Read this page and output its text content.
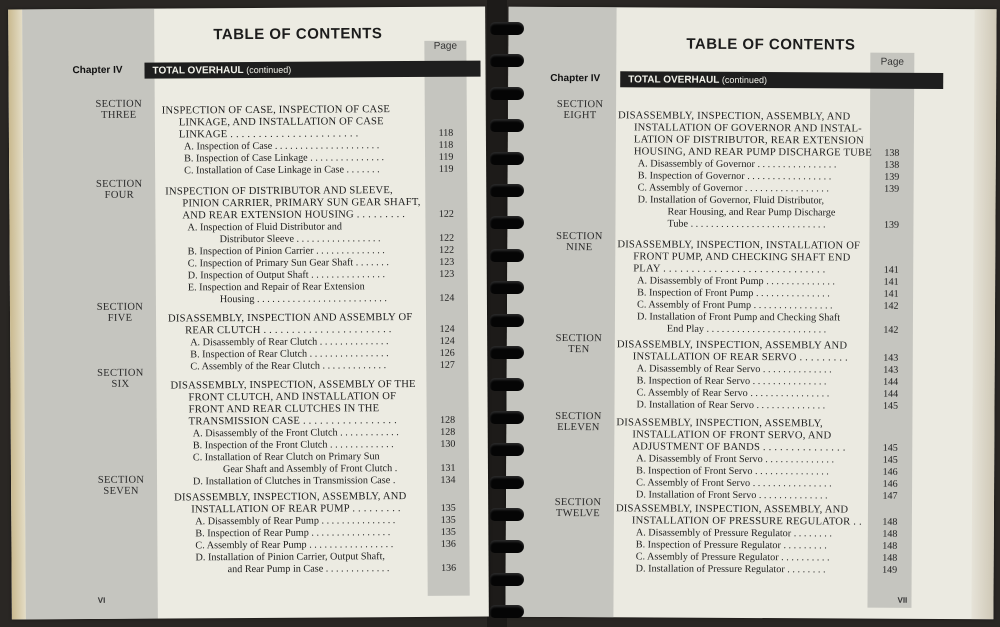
TABLE OF CONTENTS
Page
Chapter IV	TOTAL OVERHAUL (continued)
VI
SECTION
THREE	INSPECTION OF CASE, INSPECTION OF CASE
LINKAGE, AND INSTALLATION OF CASE
LINKAGE . . . . . . . . . . . . . . . . . . . . . . .	118
A. Inspection of Case . . . . . . . . . . . . . . . . . . . . .	118
B. Inspection of Case Linkage . . . . . . . . . . . . . . .	119
C. Installation of Case Linkage in Case . . . . . . .	119
SECTION
FOUR	INSPECTION OF DISTRIBUTOR AND SLEEVE,
PINION CARRIER, PRIMARY SUN GEAR SHAFT,
AND REAR EXTENSION HOUSING . . . . . . . . .	122
A. Inspection of Fluid Distributor and
Distributor Sleeve . . . . . . . . . . . . . . . . .	122
B. Inspection of Pinion Carrier . . . . . . . . . . . . . .	122
C. Inspection of Primary Sun Gear Shaft . . . . . . .	123
D. Inspection of Output Shaft . . . . . . . . . . . . . . .	123
E. Inspection and Repair of Rear Extension
Housing . . . . . . . . . . . . . . . . . . . . . . . . . .	124
SECTION
FIVE	DISASSEMBLY, INSPECTION AND ASSEMBLY OF
REAR CLUTCH . . . . . . . . . . . . . . . . . . . . . . .	124
A. Disassembly of Rear Clutch . . . . . . . . . . . . . .	124
B. Inspection of Rear Clutch . . . . . . . . . . . . . . . .	126
C. Assembly of the Rear Clutch . . . . . . . . . . . . .	127
SECTION
SIX	DISASSEMBLY, INSPECTION, ASSEMBLY OF THE
FRONT CLUTCH, AND INSTALLATION OF
FRONT AND REAR CLUTCHES IN THE
TRANSMISSION CASE . . . . . . . . . . . . . . . . .	128
A. Disassembly of the Front Clutch . . . . . . . . . . . .	128
B. Inspection of the Front Clutch . . . . . . . . . . . . .	130
C. Installation of Rear Clutch on Primary Sun
Gear Shaft and Assembly of Front Clutch .	131
D. Installation of Clutches in Transmission Case .	134
SECTION
SEVEN	DISASSEMBLY, INSPECTION, ASSEMBLY, AND
INSTALLATION OF REAR PUMP . . . . . . . . .	135
A. Disassembly of Rear Pump . . . . . . . . . . . . . . .	135
B. Inspection of Rear Pump . . . . . . . . . . . . . . . .	135
C. Assembly of Rear Pump . . . . . . . . . . . . . . . . .	136
D. Installation of Pinion Carrier, Output Shaft,
and Rear Pump in Case . . . . . . . . . . . . .	136
TABLE OF CONTENTS
Page
Chapter IV	TOTAL OVERHAUL (continued)
VII
SECTION
EIGHT	DISASSEMBLY, INSPECTION, ASSEMBLY, AND
INSTALLATION OF GOVERNOR AND INSTAL-
LATION OF DISTRIBUTOR, REAR EXTENSION
HOUSING, AND REAR PUMP DISCHARGE TUBE	138
A. Disassembly of Governor . . . . . . . . . . . . . . . .	138
B. Inspection of Governor . . . . . . . . . . . . . . . . .	139
C. Assembly of Governor . . . . . . . . . . . . . . . . .	139
D. Installation of Governor, Fluid Distributor,
Rear Housing, and Rear Pump Discharge
Tube . . . . . . . . . . . . . . . . . . . . . . . . . . .	139
SECTION
NINE	DISASSEMBLY, INSPECTION, INSTALLATION OF
FRONT PUMP, AND CHECKING SHAFT END
PLAY . . . . . . . . . . . . . . . . . . . . . . . . . . . . .	141
A. Disassembly of Front Pump . . . . . . . . . . . . . .	141
B. Inspection of Front Pump . . . . . . . . . . . . . . .	141
C. Assembly of Front Pump . . . . . . . . . . . . . . . .	142
D. Installation of Front Pump and Checking Shaft
End Play . . . . . . . . . . . . . . . . . . . . . . . .	142
SECTION
TEN	DISASSEMBLY, INSPECTION, ASSEMBLY AND
INSTALLATION OF REAR SERVO . . . . . . . . .	143
A. Disassembly of Rear Servo . . . . . . . . . . . . . .	143
B. Inspection of Rear Servo . . . . . . . . . . . . . . .	144
C. Assembly of Rear Servo . . . . . . . . . . . . . . . .	144
D. Installation of Rear Servo . . . . . . . . . . . . . .	145
SECTION
ELEVEN	DISASSEMBLY, INSPECTION, ASSEMBLY,
INSTALLATION OF FRONT SERVO, AND
ADJUSTMENT OF BANDS . . . . . . . . . . . . . . .	145
A. Disassembly of Front Servo . . . . . . . . . . . . . .	145
B. Inspection of Front Servo . . . . . . . . . . . . . . .	146
C. Assembly of Front Servo . . . . . . . . . . . . . . . .	146
D. Installation of Front Servo . . . . . . . . . . . . . .	147
SECTION
TWELVE	DISASSEMBLY, INSPECTION, ASSEMBLY, AND
INSTALLATION OF PRESSURE REGULATOR . .	148
A. Disassembly of Pressure Regulator . . . . . . . .	148
B. Inspection of Pressure Regulator . . . . . . . . .	148
C. Assembly of Pressure Regulator . . . . . . . . . .	148
D. Installation of Pressure Regulator . . . . . . . .	149
